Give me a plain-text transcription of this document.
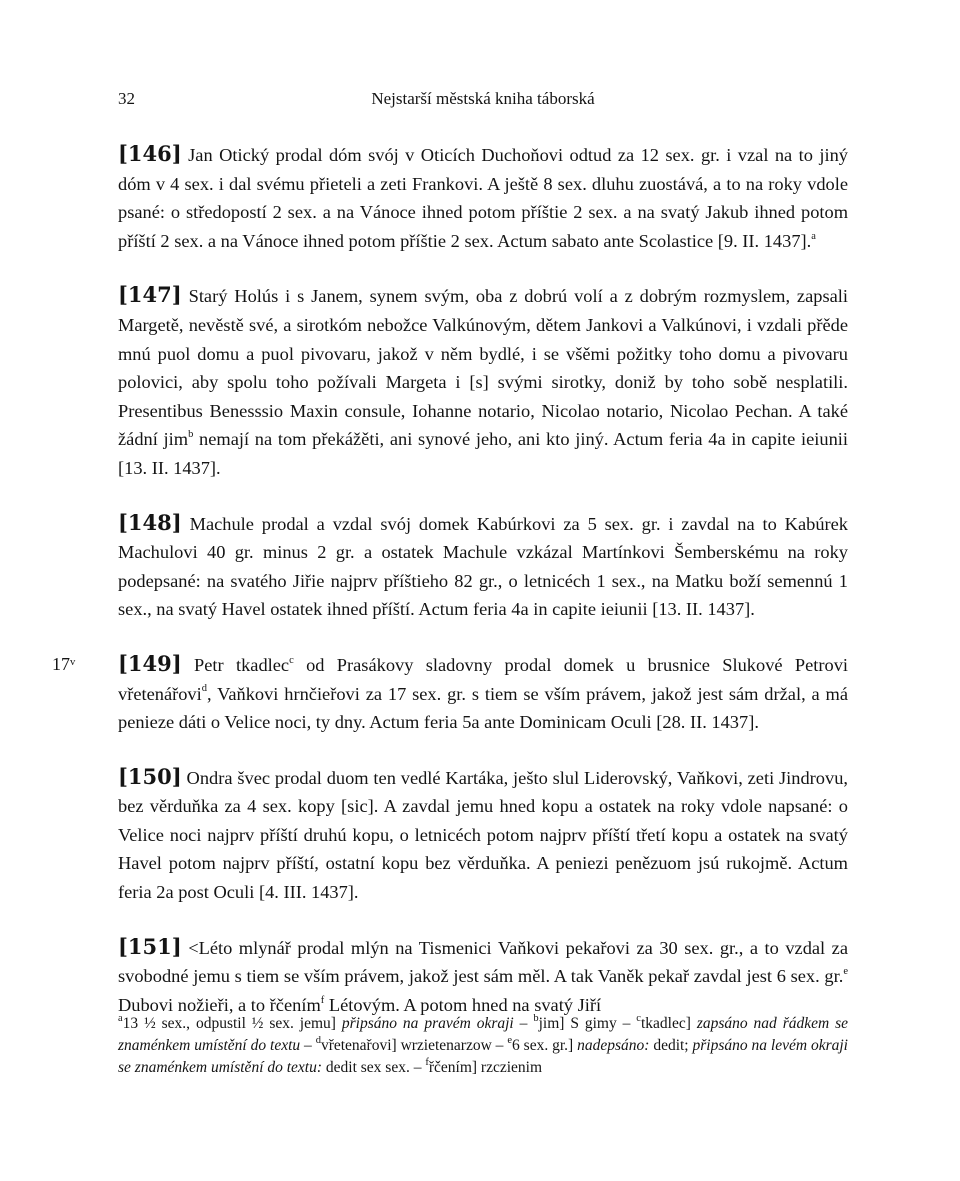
32	Nejstarší městská kniha táborská

[146] Jan Otický prodal dóm svój v Oticích Duchoňovi odtud za 12 sex. gr. i vzal na to jiný dóm v 4 sex. i dal svému přieteli a zeti Frankovi. A ještě 8 sex. dluhu zuostává, a to na roky vdole psané: o středopostí 2 sex. a na Vánoce ihned potom příštie 2 sex. a na svatý Jakub ihned potom příští 2 sex. a na Vánoce ihned potom příštie 2 sex. Actum sabato ante Scolastice [9. II. 1437].$^a$

[147] Starý Holús i s Janem, synem svým, oba z dobrú volí a z dobrým rozmyslem, zapsali Margetě, nevěstě své, a sirotkóm nebožce Valkúnovým, dětem Jankovi a Valkúnovi, i vzdali přěde mnú puol domu a puol pivovaru, jakož v něm bydlé, i se všěmi požitky toho domu a pivovaru polovici, aby spolu toho požívali Margeta i [s] svými sirotky, doniž by toho sobě nesplatili. Presentibus Benesssio Maxin consule, Iohanne notario, Nicolao notario, Nicolao Pechan. A také žádní jim$^b$ nemají na tom překážěti, ani synové jeho, ani kto jiný. Actum feria 4a in capite ieiunii [13. II. 1437].

[148] Machule prodal a vzdal svój domek Kabúrkovi za 5 sex. gr. i zavdal na to Kabúrek Machulovi 40 gr. minus 2 gr. a ostatek Machule vzkázal Martínkovi Šemberskému na roky podepsané: na svatého Jiřie najprv příštieho 82 gr., o letnicéch 1 sex., na Matku boží semennú 1 sex., na svatý Havel ostatek ihned příští. Actum feria 4a in capite ieiunii [13. II. 1437].

17ᵛ [149] Petr tkadlec$^c$ od Prasákovy sladovny prodal domek u brusnice Slukové Petrovi vřetenářovi$^d$, Vaňkovi hrnčieřovi za 17 sex. gr. s tiem se vším právem, jakož jest sám držal, a má penieze dáti o Velice noci, ty dny. Actum feria 5a ante Dominicam Oculi [28. II. 1437].

[150] Ondra švec prodal duom ten vedlé Kartáka, ješto slul Liderovský, Vaňkovi, zeti Jindrovu, bez věrduňka za 4 sex. kopy [sic]. A zavdal jemu hned kopu a ostatek na roky vdole napsané: o Velice noci najprv příští druhú kopu, o letnicéch potom najprv příští třetí kopu a ostatek na svatý Havel potom najprv příští, ostatní kopu bez věrduňka. A peniezi penězuom jsú rukojmě. Actum feria 2a post Oculi [4. III. 1437].

[151] <Léto mlynář prodal mlýn na Tismenici Vaňkovi pekařovi za 30 sex. gr., a to vzdal za svobodné jemu s tiem se vším právem, jakož jest sám měl. A tak Vaněk pekař zavdal jest 6 sex. gr.$^e$ Dubovi nožieři, a to řčením$^f$ Létovým. A potom hned na svatý Jiří

$^a$13 ½ sex., odpustil ½ sex. jemu] připsáno na pravém okraji – $^b$jim] S gimy – $^c$tkadlec] zapsáno nad řádkem se znaménkem umístění do textu – $^d$vřetenařovi] wrzietenarzow – $^e$6 sex. gr.] nadepsáno: dedit; připsáno na levém okraji se znaménkem umístění do textu: dedit sex sex. – $^f$řčením] rzczienim
